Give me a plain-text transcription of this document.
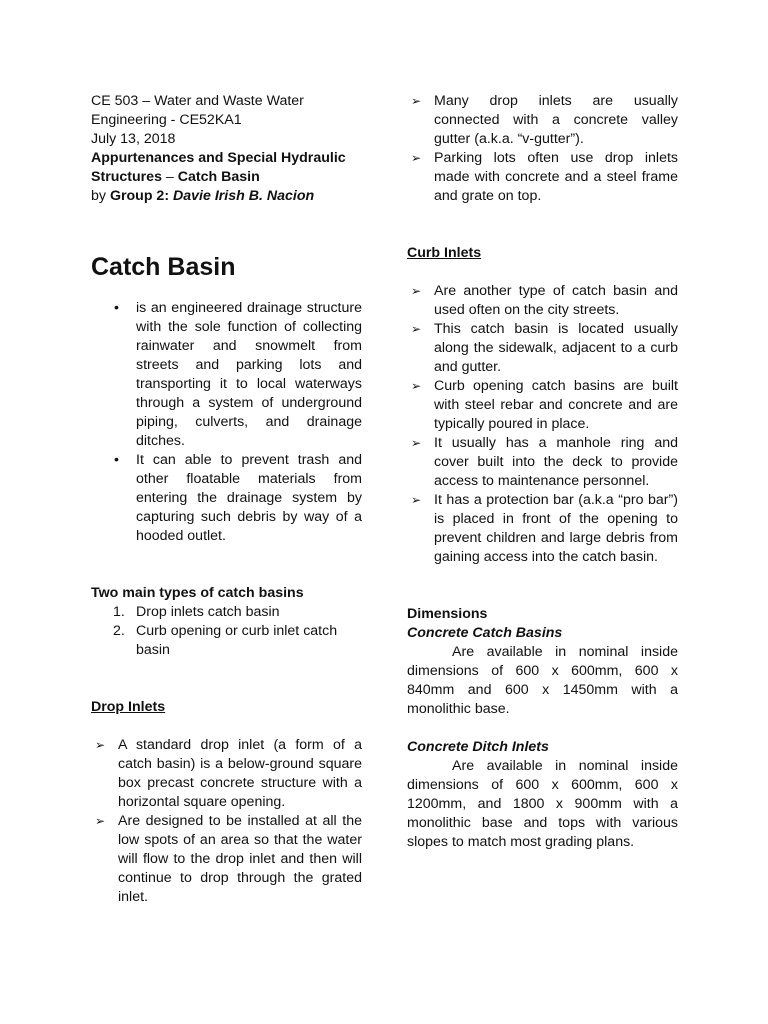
CE 503 – Water and Waste Water

Engineering - CE52KA1

July 13, 2018

Appurtenances and Special Hydraulic Structures – Catch Basin

by Group 2: Davie Irish B. Nacion

Catch Basin
• is an engineered drainage structure with the sole function of collecting rainwater and snowmelt from streets and parking lots and transporting it to local waterways through a system of underground piping, culverts, and drainage ditches.
• It can able to prevent trash and other floatable materials from entering the drainage system by capturing such debris by way of a hooded outlet.

Two main types of catch basins

1. Drop inlets catch basin
2. Curb opening or curb inlet catch basin

Drop Inlets

➢ A standard drop inlet (a form of a catch basin) is a below-ground square box precast concrete structure with a horizontal square opening.
➢ Are designed to be installed at all the low spots of an area so that the water will flow to the drop inlet and then will continue to drop through the grated inlet.
➢ Many drop inlets are usually connected with a concrete valley gutter (a.k.a. “v-gutter”).
➢ Parking lots often use drop inlets made with concrete and a steel frame and grate on top.

Curb Inlets

➢ Are another type of catch basin and used often on the city streets.
➢ This catch basin is located usually along the sidewalk, adjacent to a curb and gutter.
➢ Curb opening catch basins are built with steel rebar and concrete and are typically poured in place.
➢ It usually has a manhole ring and cover built into the deck to provide access to maintenance personnel.
➢ It has a protection bar (a.k.a “pro bar”) is placed in front of the opening to prevent children and large debris from gaining access into the catch basin.

Dimensions

Concrete Catch Basins

Are available in nominal inside dimensions of 600 x 600mm, 600 x 840mm and 600 x 1450mm with a monolithic base.

Concrete Ditch Inlets

Are available in nominal inside dimensions of 600 x 600mm, 600 x 1200mm, and 1800 x 900mm with a monolithic base and tops with various slopes to match most grading plans.
